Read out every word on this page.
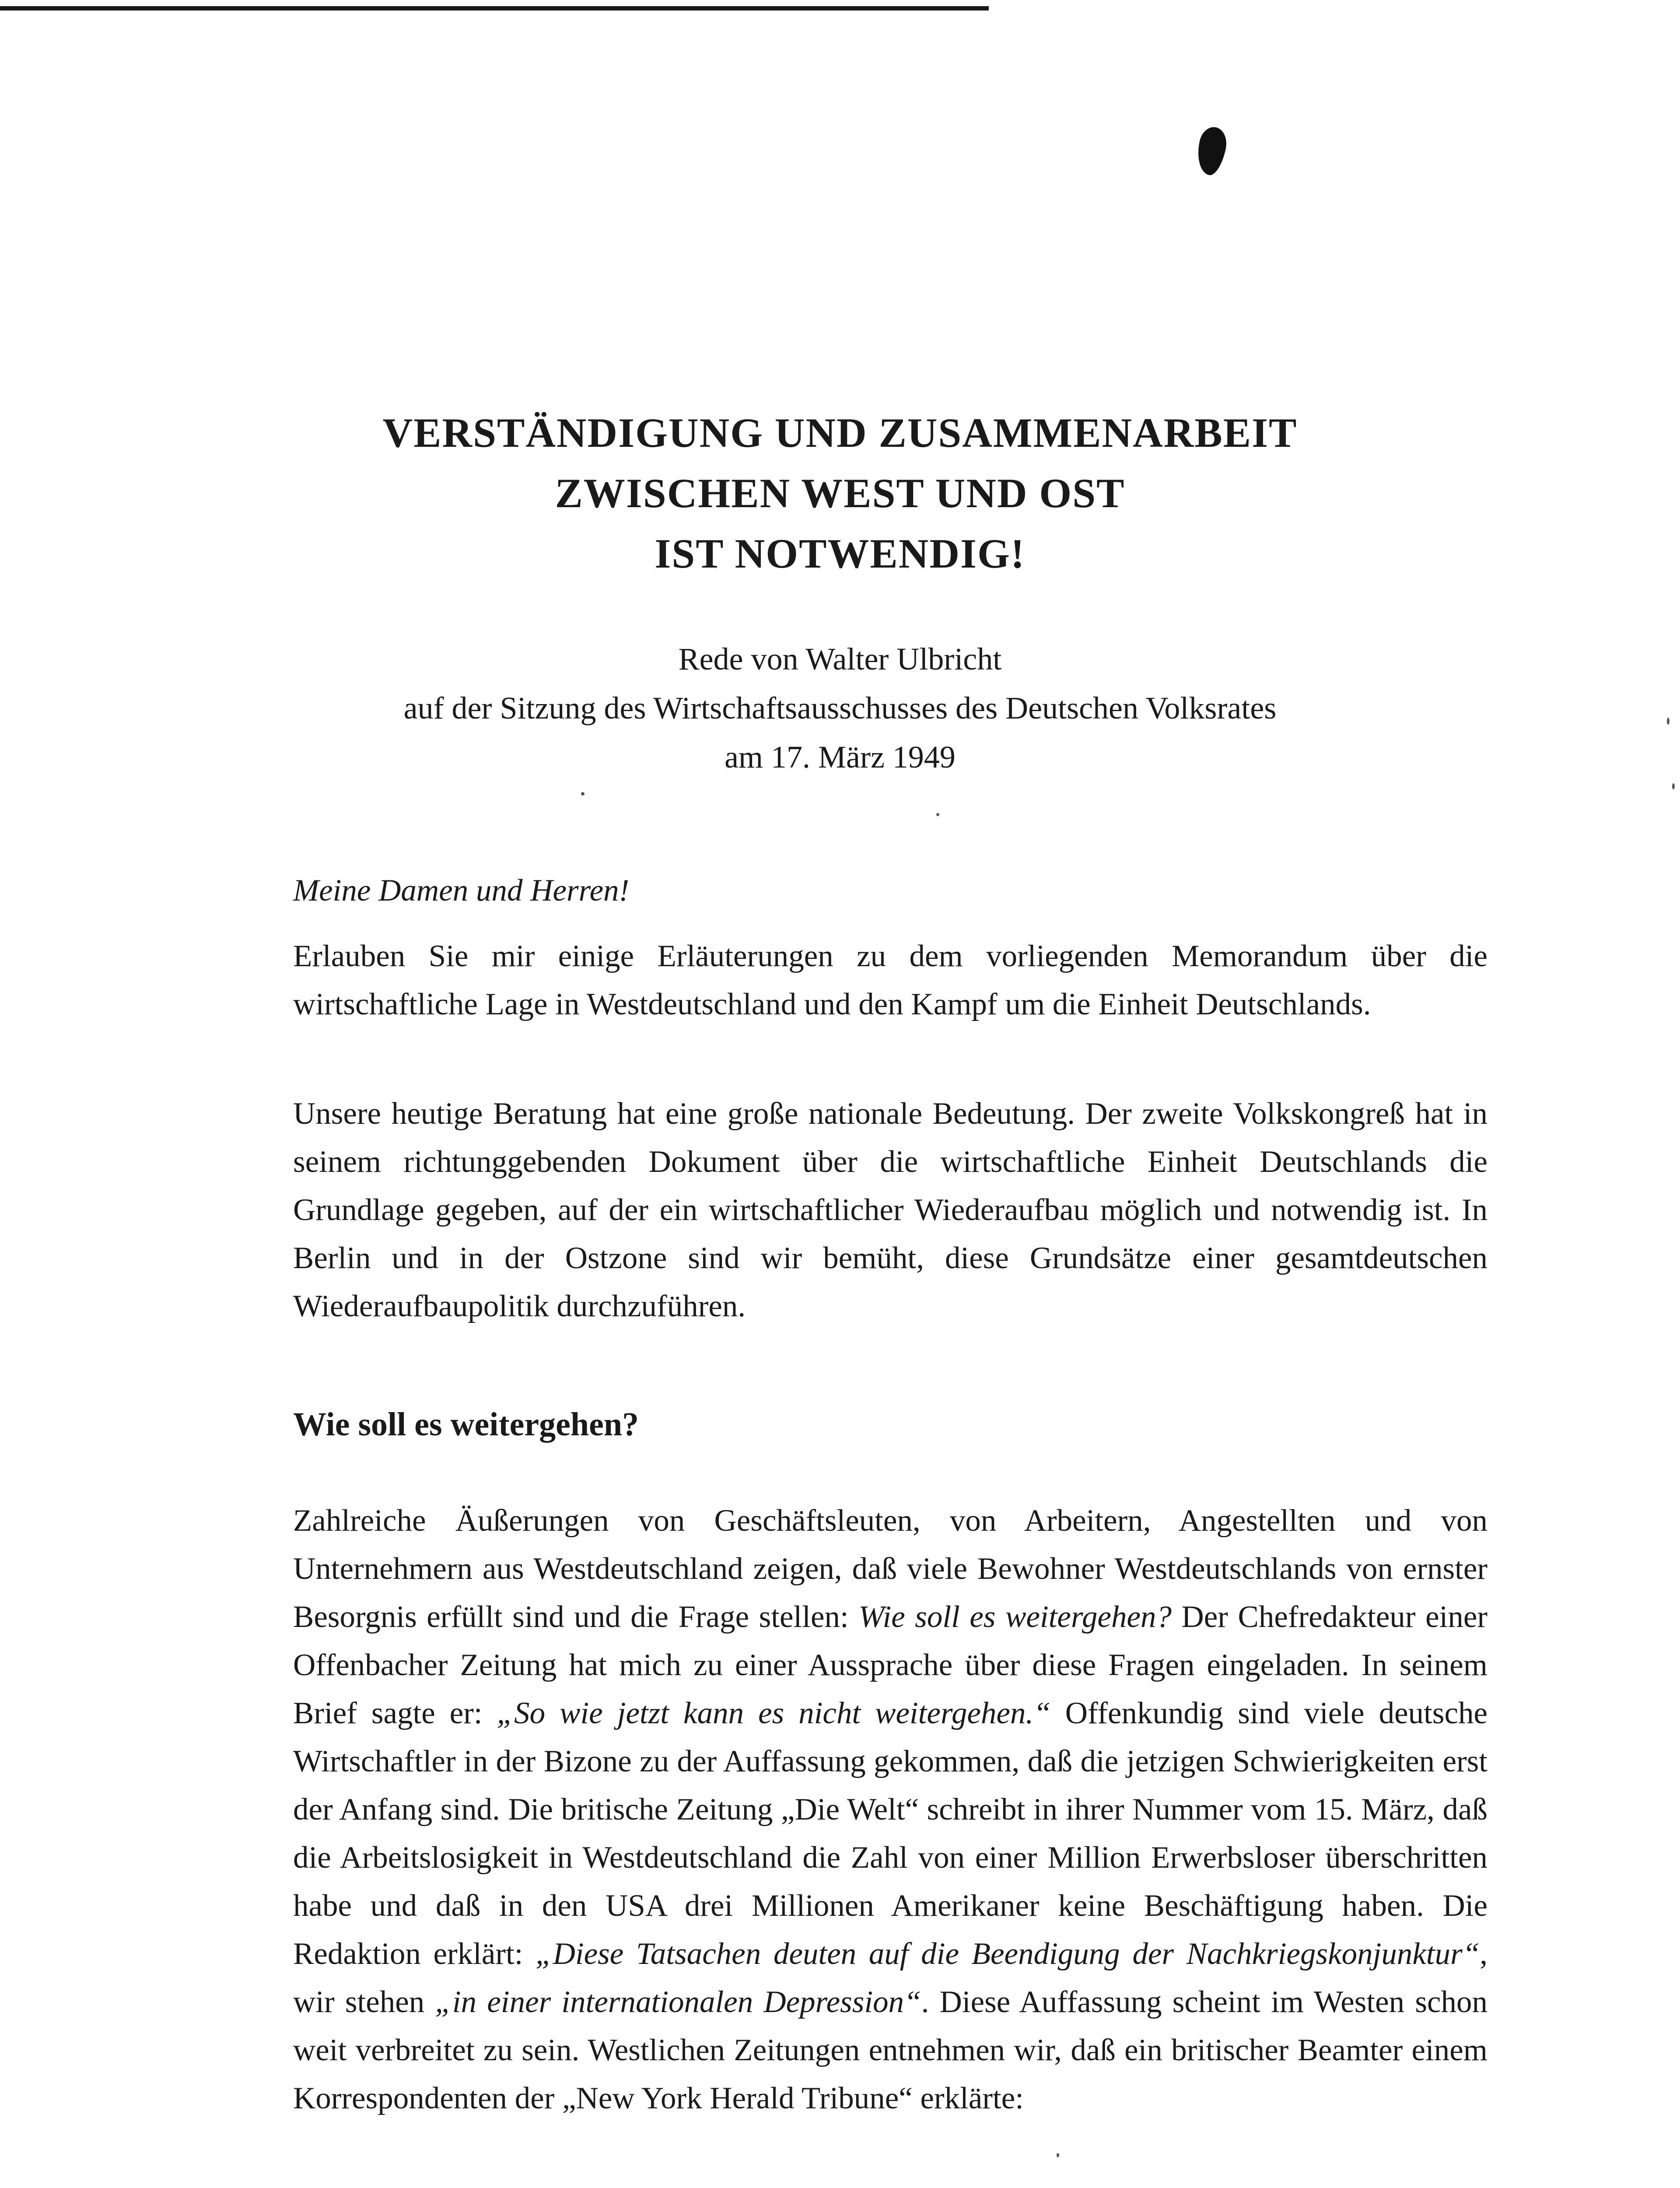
VERSTÄNDIGUNG UND ZUSAMMENARBEIT
ZWISCHEN WEST UND OST
IST NOTWENDIG!
Rede von Walter Ulbricht
auf der Sitzung des Wirtschaftsausschusses des Deutschen Volksrates
am 17. März 1949
Meine Damen und Herren!

Erlauben Sie mir einige Erläuterungen zu dem vorliegenden Memorandum über die wirtschaftliche Lage in Westdeutschland und den Kampf um die Einheit Deutschlands.

Unsere heutige Beratung hat eine große nationale Bedeutung. Der zweite Volkskongreß hat in seinem richtunggebenden Dokument über die wirtschaftliche Einheit Deutschlands die Grundlage gegeben, auf der ein wirtschaftlicher Wiederaufbau möglich und notwendig ist. In Berlin und in der Ostzone sind wir bemüht, diese Grundsätze einer gesamtdeutschen Wiederaufbaupolitik durchzuführen.

Wie soll es weitergehen?

Zahlreiche Äußerungen von Geschäftsleuten, von Arbeitern, Angestellten und von Unternehmern aus Westdeutschland zeigen, daß viele Bewohner Westdeutschlands von ernster Besorgnis erfüllt sind und die Frage stellen: Wie soll es weitergehen? Der Chefredakteur einer Offenbacher Zeitung hat mich zu einer Aussprache über diese Fragen eingeladen. In seinem Brief sagte er: „So wie jetzt kann es nicht weitergehen.“ Offenkundig sind viele deutsche Wirtschaftler in der Bizone zu der Auffassung gekommen, daß die jetzigen Schwierigkeiten erst der Anfang sind. Die britische Zeitung „Die Welt“ schreibt in ihrer Nummer vom 15. März, daß die Arbeitslosigkeit in Westdeutschland die Zahl von einer Million Erwerbsloser überschritten habe und daß in den USA drei Millionen Amerikaner keine Beschäftigung haben. Die Redaktion erklärt: „Diese Tatsachen deuten auf die Beendigung der Nachkriegskonjunktur“, wir stehen „in einer internationalen Depression“. Diese Auffassung scheint im Westen schon weit verbreitet zu sein. Westlichen Zeitungen entnehmen wir, daß ein britischer Beamter einem Korrespondenten der „New York Herald Tribune“ erklärte:
